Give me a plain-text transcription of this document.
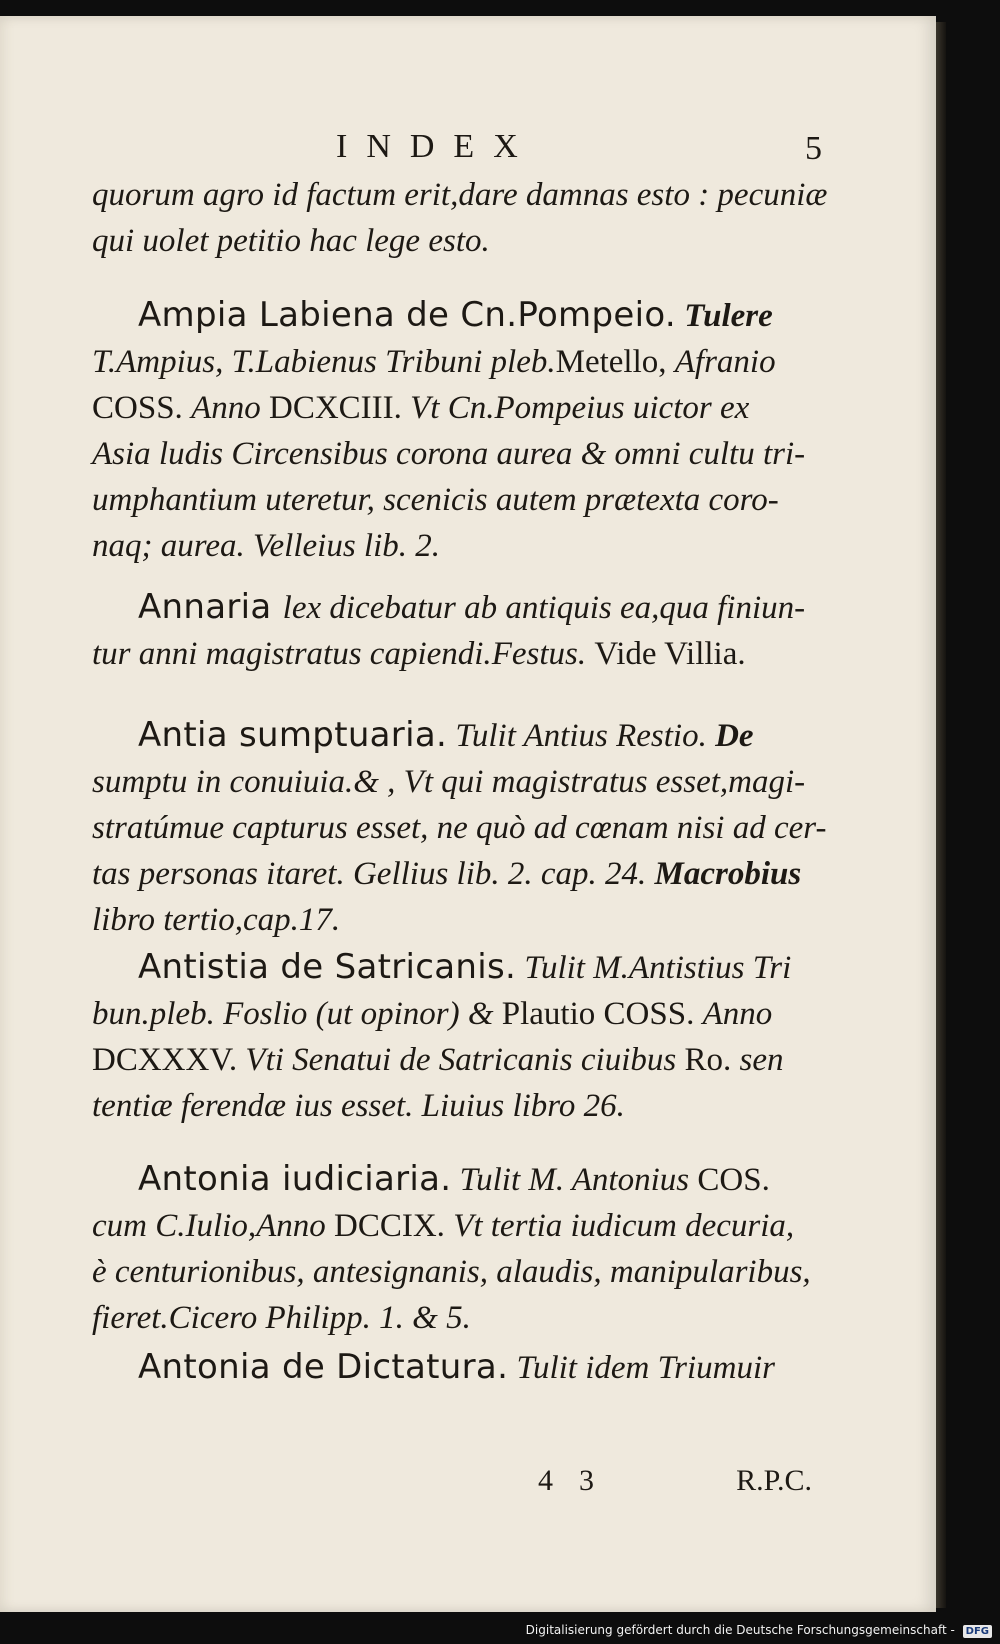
INDEX	5
quorum agro id factum erit,dare damnas esto : pecuniæ
qui uolet petitio hac lege esto.
Ampia Labiena de Cn.Pompeio. Tulere
T.Ampius, T.Labienus Tribuni pleb.Metello, Afranio
COSS. Anno DCXCIII. Vt Cn.Pompeius uictor ex
Asia ludis Circensibus corona aurea & omni cultu tri-
umphantium uteretur, scenicis autem prætexta coro-
naq; aurea. Velleius lib. 2.
Annaria lex dicebatur ab antiquis ea,qua finiun-
tur anni magistratus capiendi.Festus. Vide Villia.
Antia sumptuaria. Tulit Antius Restio. De
sumptu in conuiuia.& , Vt qui magistratus esset,magi-
stratúmue capturus esset, ne quò ad cœnam nisi ad cer-
tas personas itaret. Gellius lib. 2. cap. 24. Macrobius
libro tertio,cap.17.
Antistia de Satricanis. Tulit M.Antistius Tri
bun.pleb. Foslio (ut opinor) & Plautio COSS. Anno
DCXXXV. Vti Senatui de Satricanis ciuibus Ro. sen
tentiæ ferendæ ius esset. Liuius libro 26.
Antonia iudiciaria. Tulit M. Antonius COS.
cum C.Iulio,Anno DCCIX. Vt tertia iudicum decuria,
è centurionibus, antesignanis, alaudis, manipularibus,
fieret.Cicero Philipp. 1. & 5.
Antonia de Dictatura. Tulit idem Triumuir
43	R.P.C.
Digitalisierung gefördert durch die Deutsche Forschungsgemeinschaft - DFG
